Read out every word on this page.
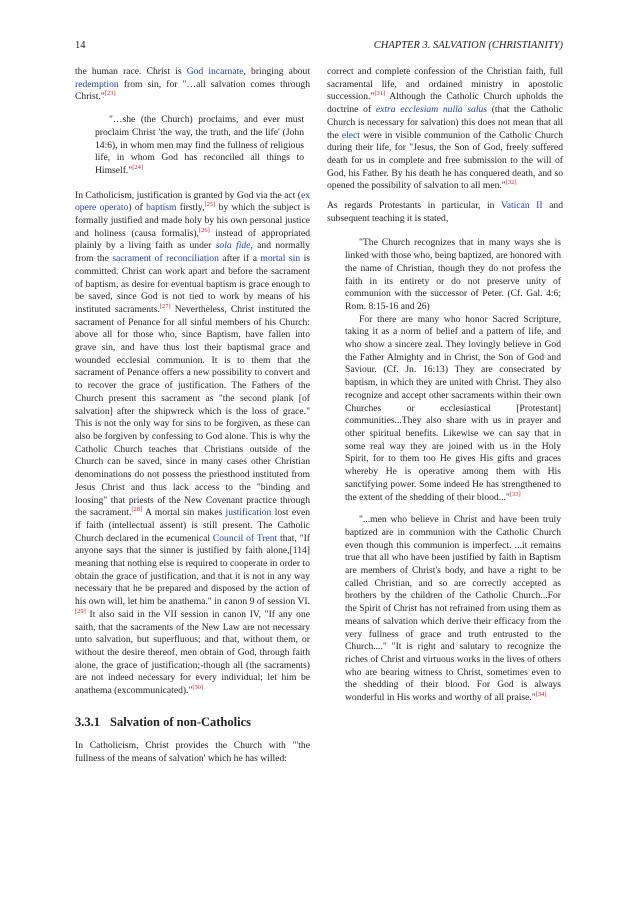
14	CHAPTER 3. SALVATION (CHRISTIANITY)

the human race. Christ is God incarnate, bringing about redemption from sin, for "…all salvation comes through Christ."[23]

"…she (the Church) proclaims, and ever must proclaim Christ 'the way, the truth, and the life' (John 14:6), in whom men may find the fullness of religious life, in whom God has reconciled all things to Himself."[24]

In Catholicism, justification is granted by God via the act (ex opere operato) of baptism firstly,[25] by which the subject is formally justified and made holy by his own personal justice and holiness (causa formalis),[26] instead of appropriated plainly by a living faith as under sola fide, and normally from the sacrament of reconciliation after if a mortal sin is committed. Christ can work apart and before the sacrament of baptism, as desire for eventual baptism is grace enough to be saved, since God is not tied to work by means of his instituted sacraments.[27] Nevertheless, Christ instituted the sacrament of Penance for all sinful members of his Church: above all for those who, since Baptism, have fallen into grave sin, and have thus lost their baptismal grace and wounded ecclesial communion. It is to them that the sacrament of Penance offers a new possibility to convert and to recover the grace of justification. The Fathers of the Church present this sacrament as "the second plank [of salvation] after the shipwreck which is the loss of grace." This is not the only way for sins to be forgiven, as these can also be forgiven by confessing to God alone. This is why the Catholic Church teaches that Christians outside of the Church can be saved, since in many cases other Christian denominations do not possess the priesthood instituted from Jesus Christ and thus lack access to the "binding and loosing" that priests of the New Covenant practice through the sacrament.[28] A mortal sin makes justification lost even if faith (intellectual assent) is still present. The Catholic Church declared in the ecumenical Council of Trent that, "If anyone says that the sinner is justified by faith alone,[114] meaning that nothing else is required to cooperate in order to obtain the grace of justification, and that it is not in any way necessary that he be prepared and disposed by the action of his own will, let him be anathema." in canon 9 of session VI.[29] It also said in the VII session in canon IV, "If any one saith, that the sacraments of the New Law are not necessary unto salvation, but superfluous; and that, without them, or without the desire thereof, men obtain of God, through faith alone, the grace of justification;-though all (the sacraments) are not indeed necessary for every individual; let him be anathema (excommunicated)."[30]

3.3.1 Salvation of non-Catholics

In Catholicism, Christ provides the Church with "'the fullness of the means of salvation' which he has willed:

correct and complete confession of the Christian faith, full sacramental life, and ordained ministry in apostolic succession."[31] Although the Catholic Church upholds the doctrine of extra ecclesiam nulla salus (that the Catholic Church is necessary for salvation) this does not mean that all the elect were in visible communion of the Catholic Church during their life, for "Jesus, the Son of God, freely suffered death for us in complete and free submission to the will of God, his Father. By his death he has conquered death, and so opened the possibility of salvation to all men."[32]

As regards Protestants in particular, in Vatican II and subsequent teaching it is stated,

"The Church recognizes that in many ways she is linked with those who, being baptized, are honored with the name of Christian, though they do not profess the faith in its entirety or do not preserve unity of communion with the successor of Peter. (Cf. Gal. 4:6; Rom. 8:15-16 and 26)
For there are many who honor Sacred Scripture, taking it as a norm of belief and a pattern of life, and who show a sincere zeal. They lovingly believe in God the Father Almighty and in Christ, the Son of God and Saviour. (Cf. Jn. 16:13) They are consecrated by baptism, in which they are united with Christ. They also recognize and accept other sacraments within their own Churches or ecclesiastical [Protestant] communities...They also share with us in prayer and other spiritual benefits. Likewise we can say that in some real way they are joined with us in the Holy Spirit, for to them too He gives His gifts and graces whereby He is operative among them with His sanctifying power. Some indeed He has strengthened to the extent of the shedding of their blood..."[33]
"...men who believe in Christ and have been truly baptized are in communion with the Catholic Church even though this communion is imperfect. ...it remains true that all who have been justified by faith in Baptism are members of Christ's body, and have a right to be called Christian, and so are correctly accepted as brothers by the children of the Catholic Church...For the Spirit of Christ has not refrained from using them as means of salvation which derive their efficacy from the very fullness of grace and truth entrusted to the Church...." "It is right and salutary to recognize the riches of Christ and virtuous works in the lives of others who are bearing witness to Christ, sometimes even to the shedding of their blood. For God is always wonderful in His works and worthy of all praise."[34]
